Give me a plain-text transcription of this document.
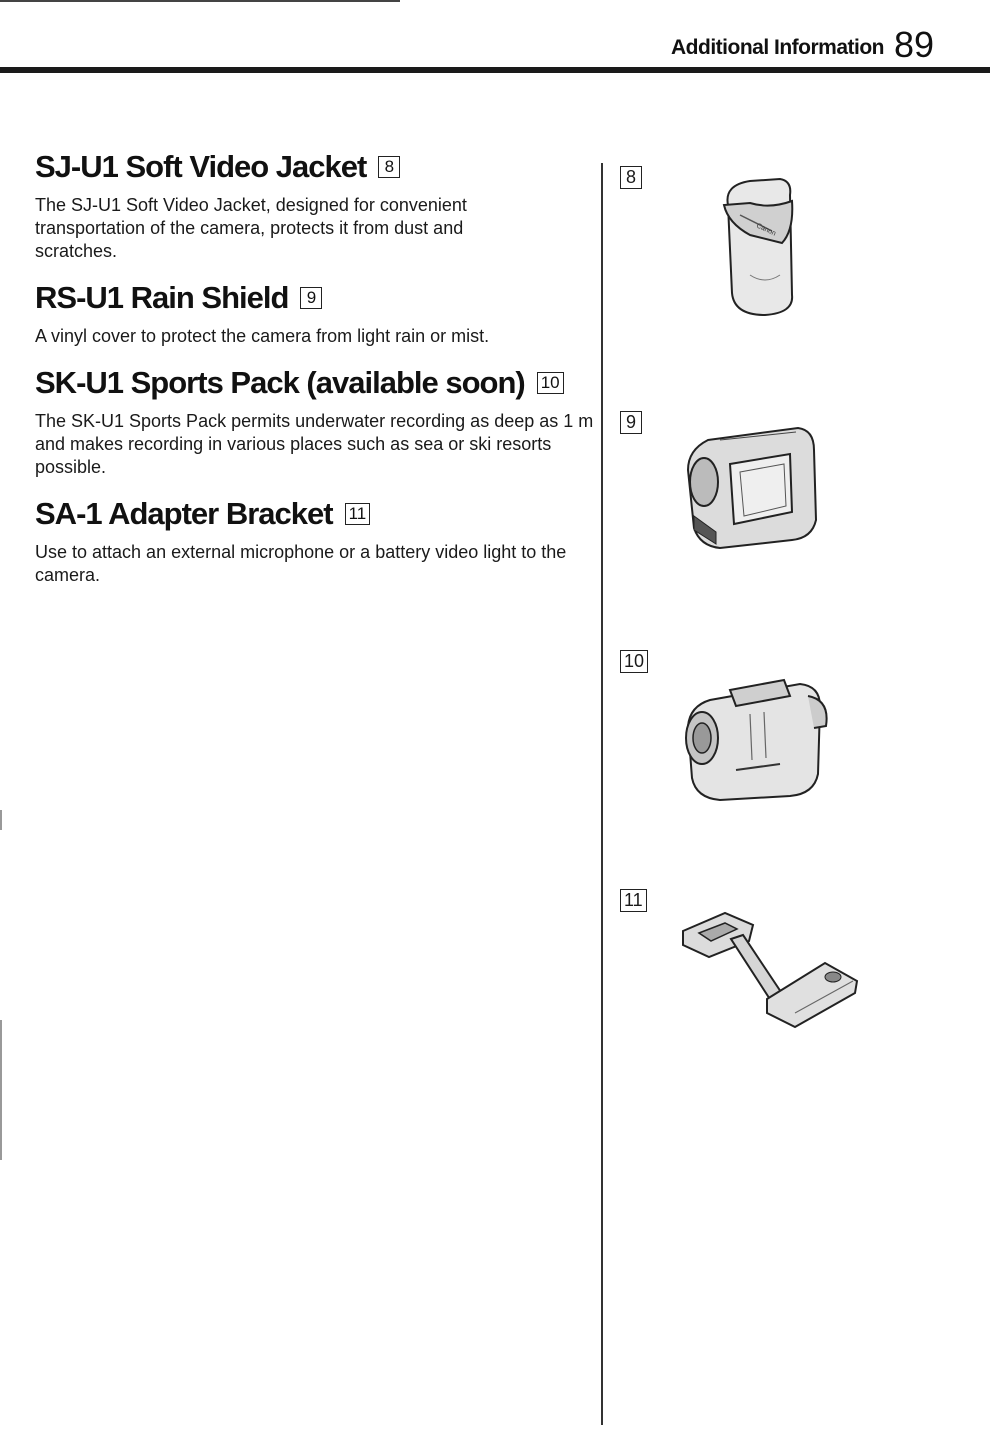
Additional Information 89
SJ-U1 Soft Video Jacket	8
The SJ-U1 Soft Video Jacket, designed for convenient transportation of the camera, protects it from dust and scratches.
RS-U1 Rain Shield	9
A vinyl cover to protect the camera from light rain or mist.
SK-U1 Sports Pack (available soon) 10
The SK-U1 Sports Pack permits underwater recording as deep as 1 m and makes recording in various places such as sea or ski resorts possible.
SA-1 Adapter Bracket 11
Use to attach an external microphone or a battery video light to the camera.
8
Canon
9
10
11
